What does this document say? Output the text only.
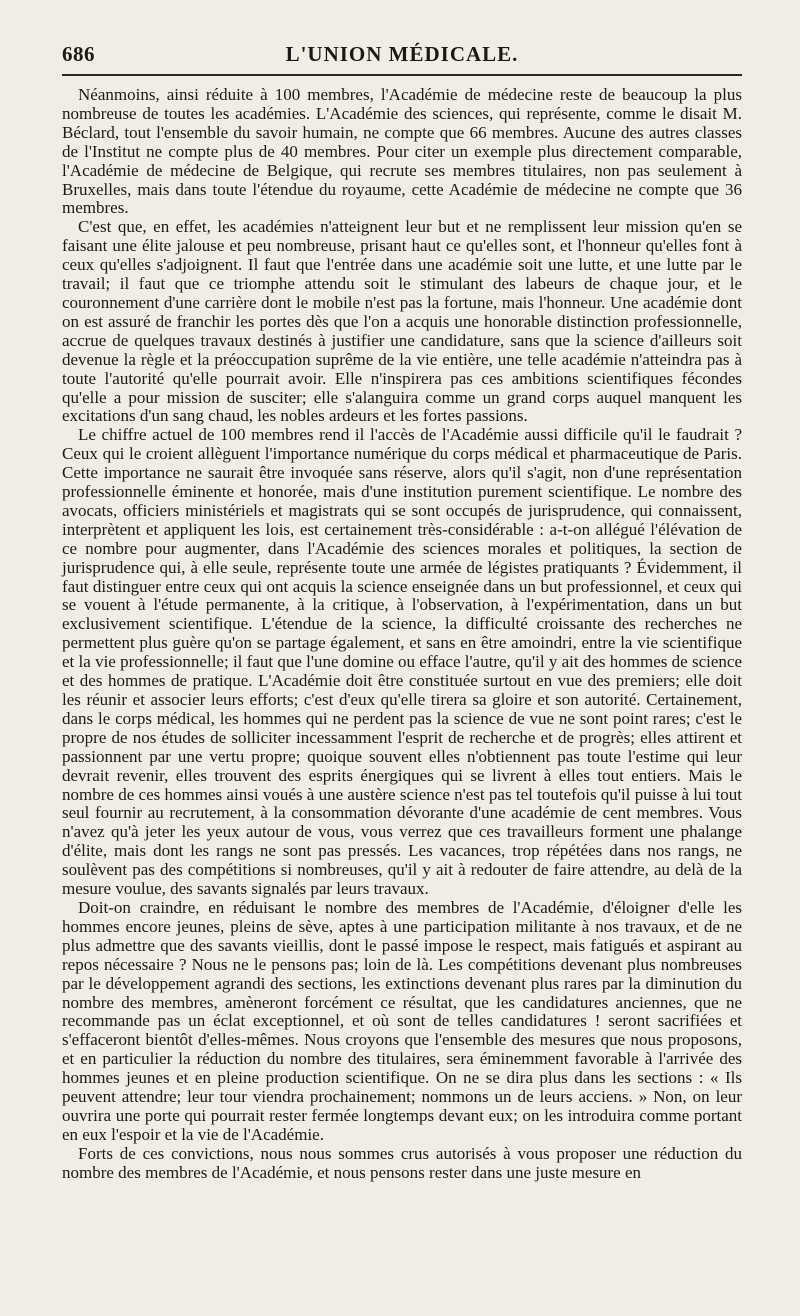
686	L'UNION MÉDICALE.

Néanmoins, ainsi réduite à 100 membres, l'Académie de médecine reste de beaucoup la plus nombreuse de toutes les académies. L'Académie des sciences, qui représente, comme le disait M. Béclard, tout l'ensemble du savoir humain, ne compte que 66 membres. Aucune des autres classes de l'Institut ne compte plus de 40 membres. Pour citer un exemple plus directement comparable, l'Académie de médecine de Belgique, qui recrute ses membres titulaires, non pas seulement à Bruxelles, mais dans toute l'étendue du royaume, cette Académie de médecine ne compte que 36 membres.

C'est que, en effet, les académies n'atteignent leur but et ne remplissent leur mission qu'en se faisant une élite jalouse et peu nombreuse, prisant haut ce qu'elles sont, et l'honneur qu'elles font à ceux qu'elles s'adjoignent. Il faut que l'entrée dans une académie soit une lutte, et une lutte par le travail; il faut que ce triomphe attendu soit le stimulant des labeurs de chaque jour, et le couronnement d'une carrière dont le mobile n'est pas la fortune, mais l'honneur. Une académie dont on est assuré de franchir les portes dès que l'on a acquis une honorable distinction professionnelle, accrue de quelques travaux destinés à justifier une candidature, sans que la science d'ailleurs soit devenue la règle et la préoccupation suprême de la vie entière, une telle académie n'atteindra pas à toute l'autorité qu'elle pourrait avoir. Elle n'inspirera pas ces ambitions scientifiques fécondes qu'elle a pour mission de susciter; elle s'alanguira comme un grand corps auquel manquent les excitations d'un sang chaud, les nobles ardeurs et les fortes passions.

Le chiffre actuel de 100 membres rend il l'accès de l'Académie aussi difficile qu'il le faudrait ? Ceux qui le croient allèguent l'importance numérique du corps médical et pharmaceutique de Paris. Cette importance ne saurait être invoquée sans réserve, alors qu'il s'agit, non d'une représentation professionnelle éminente et honorée, mais d'une institution purement scientifique. Le nombre des avocats, officiers ministériels et magistrats qui se sont occupés de jurisprudence, qui connaissent, interprètent et appliquent les lois, est certainement très-considérable : a-t-on allégué l'élévation de ce nombre pour augmenter, dans l'Académie des sciences morales et politiques, la section de jurisprudence qui, à elle seule, représente toute une armée de légistes pratiquants ? Évidemment, il faut distinguer entre ceux qui ont acquis la science enseignée dans un but professionnel, et ceux qui se vouent à l'étude permanente, à la critique, à l'observation, à l'expérimentation, dans un but exclusivement scientifique. L'étendue de la science, la difficulté croissante des recherches ne permettent plus guère qu'on se partage également, et sans en être amoindri, entre la vie scientifique et la vie professionnelle; il faut que l'une domine ou efface l'autre, qu'il y ait des hommes de science et des hommes de pratique. L'Académie doit être constituée surtout en vue des premiers; elle doit les réunir et associer leurs efforts; c'est d'eux qu'elle tirera sa gloire et son autorité. Certainement, dans le corps médical, les hommes qui ne perdent pas la science de vue ne sont point rares; c'est le propre de nos études de solliciter incessamment l'esprit de recherche et de progrès; elles attirent et passionnent par une vertu propre; quoique souvent elles n'obtiennent pas toute l'estime qui leur devrait revenir, elles trouvent des esprits énergiques qui se livrent à elles tout entiers. Mais le nombre de ces hommes ainsi voués à une austère science n'est pas tel toutefois qu'il puisse à lui tout seul fournir au recrutement, à la consommation dévorante d'une académie de cent membres. Vous n'avez qu'à jeter les yeux autour de vous, vous verrez que ces travailleurs forment une phalange d'élite, mais dont les rangs ne sont pas pressés. Les vacances, trop répétées dans nos rangs, ne soulèvent pas des compétitions si nombreuses, qu'il y ait à redouter de faire attendre, au delà de la mesure voulue, des savants signalés par leurs travaux.

Doit-on craindre, en réduisant le nombre des membres de l'Académie, d'éloigner d'elle les hommes encore jeunes, pleins de sève, aptes à une participation militante à nos travaux, et de ne plus admettre que des savants vieillis, dont le passé impose le respect, mais fatigués et aspirant au repos nécessaire ? Nous ne le pensons pas; loin de là. Les compétitions devenant plus nombreuses par le développement agrandi des sections, les extinctions devenant plus rares par la diminution du nombre des membres, amèneront forcément ce résultat, que les candidatures anciennes, que ne recommande pas un éclat exceptionnel, et où sont de telles candidatures ! seront sacrifiées et s'effaceront bientôt d'elles-mêmes. Nous croyons que l'ensemble des mesures que nous proposons, et en particulier la réduction du nombre des titulaires, sera éminemment favorable à l'arrivée des hommes jeunes et en pleine production scientifique. On ne se dira plus dans les sections : « Ils peuvent attendre; leur tour viendra prochainement; nommons un de leurs acciens. » Non, on leur ouvrira une porte qui pourrait rester fermée longtemps devant eux; on les introduira comme portant en eux l'espoir et la vie de l'Académie.

Forts de ces convictions, nous nous sommes crus autorisés à vous proposer une réduction du nombre des membres de l'Académie, et nous pensons rester dans une juste mesure en
